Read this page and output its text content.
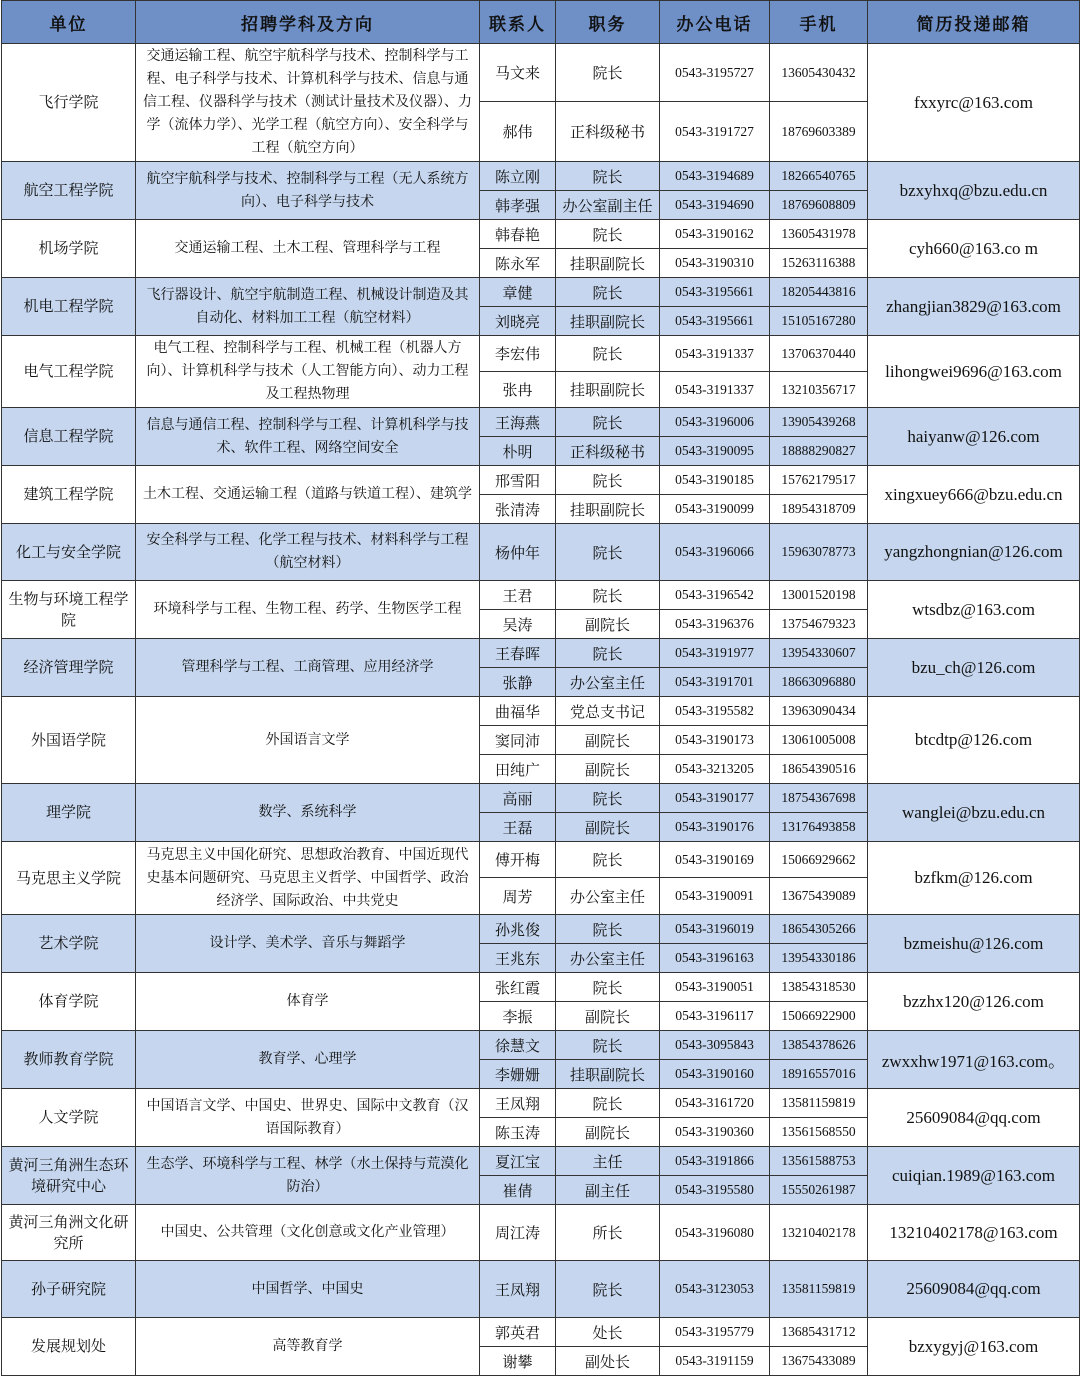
单位	招聘学科及方向	联系人	职务	办公电话	手机	简历投递邮箱
飞行学院	交通运输工程、航空宇航科学与技术、控制科学与工程、电子科学与技术、计算机科学与技术、信息与通信工程、仪器科学与技术（测试计量技术及仪器）、力学（流体力学）、光学工程（航空方向）、安全科学与工程（航空方向）	马文来	院长	0543-3195727	13605430432	fxxyrc@163.com
		郝伟	正科级秘书	0543-3191727	18769603389	
航空工程学院	航空宇航科学与技术、控制科学与工程（无人系统方向）、电子科学与技术	陈立刚	院长	0543-3194689	18266540765	bzxyhxq@bzu.edu.cn
		韩孝强	办公室副主任	0543-3194690	18769608809	
机场学院	交通运输工程、土木工程、管理科学与工程	韩春艳	院长	0543-3190162	13605431978	cyh660@163.co m
		陈永军	挂职副院长	0543-3190310	15263116388	
机电工程学院	飞行器设计、航空宇航制造工程、机械设计制造及其自动化、材料加工工程（航空材料）	章健	院长	0543-3195661	18205443816	zhangjian3829@163.com
		刘晓亮	挂职副院长	0543-3195661	15105167280	
电气工程学院	电气工程、控制科学与工程、机械工程（机器人方向）、计算机科学与技术（人工智能方向）、动力工程及工程热物理	李宏伟	院长	0543-3191337	13706370440	lihongwei9696@163.com
		张冉	挂职副院长	0543-3191337	13210356717	
信息工程学院	信息与通信工程、控制科学与工程、计算机科学与技术、软件工程、网络空间安全	王海燕	院长	0543-3196006	13905439268	haiyanw@126.com
		朴明	正科级秘书	0543-3190095	18888290827	
建筑工程学院	土木工程、交通运输工程（道路与铁道工程）、建筑学	邢雪阳	院长	0543-3190185	15762179517	xingxuey666@bzu.edu.cn
		张清涛	挂职副院长	0543-3190099	18954318709	
化工与安全学院	安全科学与工程、化学工程与技术、材料科学与工程（航空材料）	杨仲年	院长	0543-3196066	15963078773	yangzhongnian@126.com
生物与环境工程学院	环境科学与工程、生物工程、药学、生物医学工程	王君	院长	0543-3196542	13001520198	wtsdbz@163.com
		吴涛	副院长	0543-3196376	13754679323	
经济管理学院	管理科学与工程、工商管理、应用经济学	王春晖	院长	0543-3191977	13954330607	bzu_ch@126.com
		张静	办公室主任	0543-3191701	18663096880	
外国语学院	外国语言文学	曲福华	党总支书记	0543-3195582	13963090434	btcdtp@126.com
		窦同沛	副院长	0543-3190173	13061005008	
		田纯广	副院长	0543-3213205	18654390516	
理学院	数学、系统科学	高丽	院长	0543-3190177	18754367698	wanglei@bzu.edu.cn
		王磊	副院长	0543-3190176	13176493858	
马克思主义学院	马克思主义中国化研究、思想政治教育、中国近现代史基本问题研究、马克思主义哲学、中国哲学、政治经济学、国际政治、中共党史	傅开梅	院长	0543-3190169	15066929662	bzfkm@126.com
		周芳	办公室主任	0543-3190091	13675439089	
艺术学院	设计学、美术学、音乐与舞蹈学	孙兆俊	院长	0543-3196019	18654305266	bzmeishu@126.com
		王兆东	办公室主任	0543-3196163	13954330186	
体育学院	体育学	张红霞	院长	0543-3190051	13854318530	bzzhx120@126.com
		李振	副院长	0543-3196117	15066922900	
教师教育学院	教育学、心理学	徐慧文	院长	0543-3095843	13854378626	zwxxhw1971@163.com。
		李姗姗	挂职副院长	0543-3190160	18916557016	
人文学院	中国语言文学、中国史、世界史、国际中文教育（汉语国际教育）	王凤翔	院长	0543-3161720	13581159819	25609084@qq.com
		陈玉涛	副院长	0543-3190360	13561568550	
黄河三角洲生态环境研究中心	生态学、环境科学与工程、林学（水土保持与荒漠化防治）	夏江宝	主任	0543-3191866	13561588753	cuiqian.1989@163.com
		崔倩	副主任	0543-3195580	15550261987	
黄河三角洲文化研究所	中国史、公共管理（文化创意或文化产业管理）	周江涛	所长	0543-3196080	13210402178	13210402178@163.com
孙子研究院	中国哲学、中国史	王凤翔	院长	0543-3123053	13581159819	25609084@qq.com
发展规划处	高等教育学	郭英君	处长	0543-3195779	13685431712	bzxygyj@163.com
		谢攀	副处长	0543-3191159	13675433089	
